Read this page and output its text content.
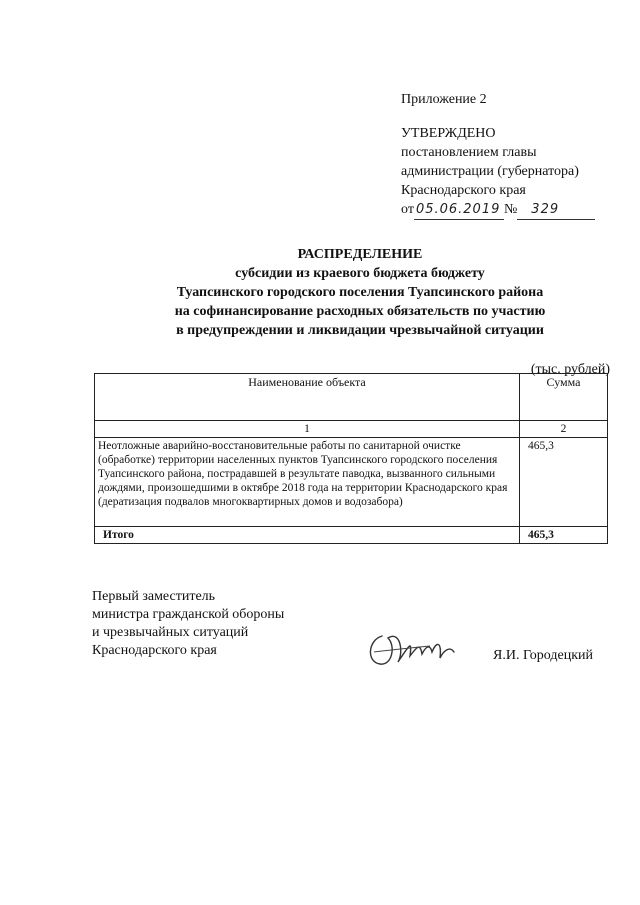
Приложение 2
УТВЕРЖДЕНО
постановлением главы
администрации (губернатора)
Краснодарского края
от 05.06.2019 № 329
РАСПРЕДЕЛЕНИЕ
субсидии из краевого бюджета бюджету
Туапсинского городского поселения Туапсинского района
на софинансирование расходных обязательств по участию
в предупреждении и ликвидации чрезвычайной ситуации
(тыс. рублей)
Наименование объекта	Сумма
1	2
Неотложные аварийно-восстановительные работы по санитарной очистке (обработке) территории населенных пунктов Туапсинского городского поселения Туапсинского района, пострадавшей в результате паводка, вызванного сильными дождями, произошедшими в октябре 2018 года на территории Краснодарского края (дератизация подвалов многоквартирных домов и водозабора)	465,3
Итого	465,3
Первый заместитель
министра гражданской обороны
и чрезвычайных ситуаций
Краснодарского края	Я.И. Городецкий
